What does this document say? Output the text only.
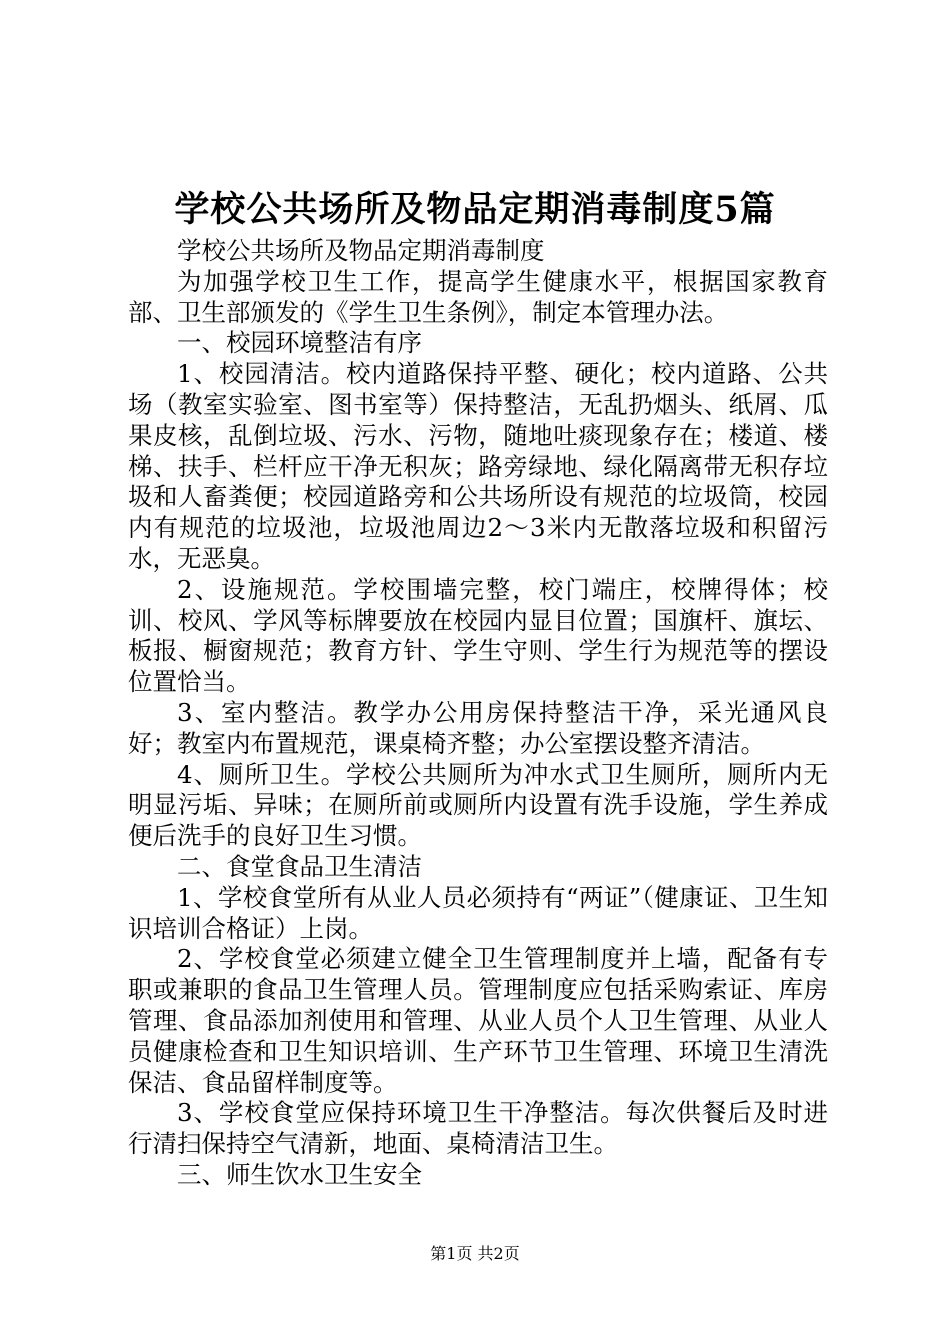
学校公共场所及物品定期消毒制度5篇

学校公共场所及物品定期消毒制度

为加强学校卫生工作，提高学生健康水平，根据国家教育部、卫生部颁发的《学生卫生条例》，制定本管理办法。

一、校园环境整洁有序

1、校园清洁。校内道路保持平整、硬化；校内道路、公共场（教室实验室、图书室等）保持整洁，无乱扔烟头、纸屑、瓜果皮核，乱倒垃圾、污水、污物，随地吐痰现象存在；楼道、楼梯、扶手、栏杆应干净无积灰；路旁绿地、绿化隔离带无积存垃圾和人畜粪便；校园道路旁和公共场所设有规范的垃圾筒，校园内有规范的垃圾池，垃圾池周边2～3米内无散落垃圾和积留污水，无恶臭。

2、设施规范。学校围墙完整，校门端庄，校牌得体；校训、校风、学风等标牌要放在校园内显目位置；国旗杆、旗坛、板报、橱窗规范；教育方针、学生守则、学生行为规范等的摆设位置恰当。

3、室内整洁。教学办公用房保持整洁干净，采光通风良好；教室内布置规范，课桌椅齐整；办公室摆设整齐清洁。

4、厕所卫生。学校公共厕所为冲水式卫生厕所，厕所内无明显污垢、异味；在厕所前或厕所内设置有洗手设施，学生养成便后洗手的良好卫生习惯。

二、食堂食品卫生清洁

1、学校食堂所有从业人员必须持有“两证”（健康证、卫生知识培训合格证）上岗。

2、学校食堂必须建立健全卫生管理制度并上墙，配备有专职或兼职的食品卫生管理人员。管理制度应包括采购索证、库房管理、食品添加剂使用和管理、从业人员个人卫生管理、从业人员健康检查和卫生知识培训、生产环节卫生管理、环境卫生清洗保洁、食品留样制度等。

3、学校食堂应保持环境卫生干净整洁。每次供餐后及时进行清扫保持空气清新，地面、桌椅清洁卫生。

三、师生饮水卫生安全

第1页 共2页
